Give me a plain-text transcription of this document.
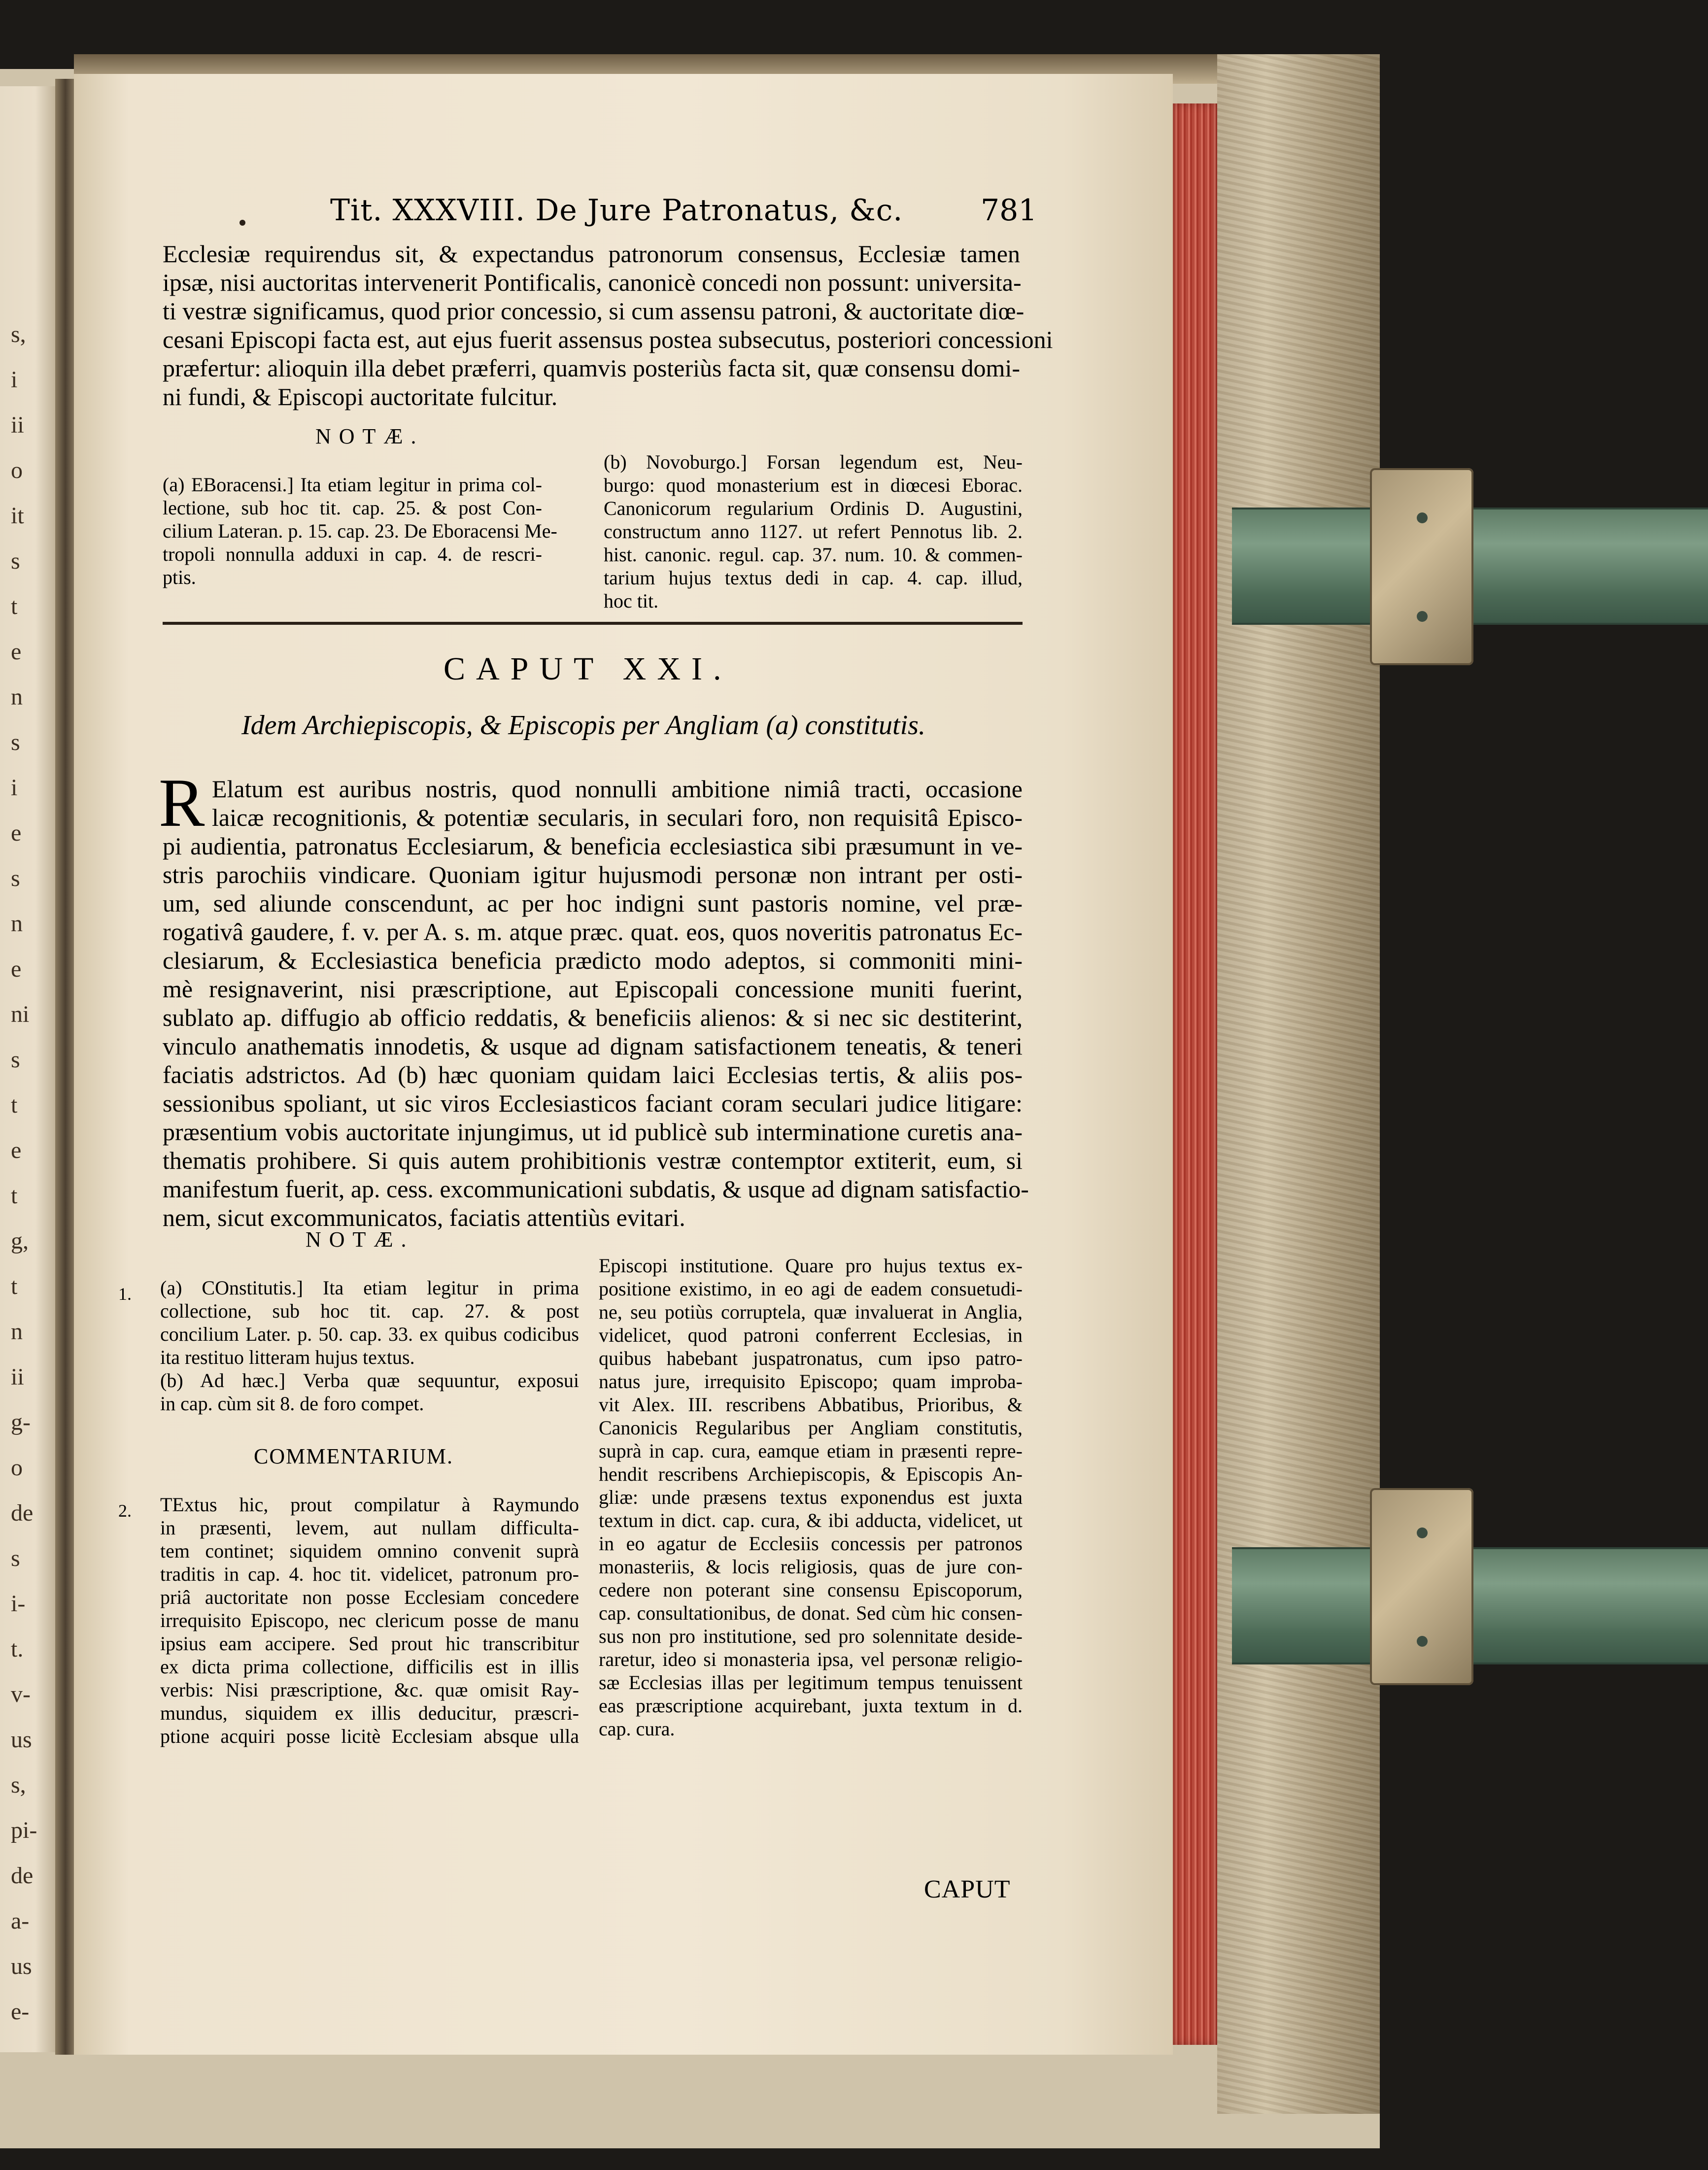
s,
i
ii
o
it
s
t
e
n
s
i
e
s
n
e
ni
s
t
e
t
g,
t
n
ii
g-
o
de
s
i-
t.
v-
us
s,
pi-
de
a-
us
e-
Tit. XXXVIII. De Jure Patronatus, &c.	781
Ecclesiæ requirendus sit, & expectandus patronorum consensus, Ecclesiæ tamen
ipsæ, nisi auctoritas intervenerit Pontificalis, canonicè concedi non possunt: universita-
ti vestræ significamus, quod prior concessio, si cum assensu patroni, & auctoritate diœ-
cesani Episcopi facta est, aut ejus fuerit assensus postea subsecutus, posteriori concessioni
præfertur: alioquin illa debet præferri, quamvis posteriùs facta sit, quæ consensu domi-
ni fundi, & Episcopi auctoritate fulcitur.
NOTÆ.
(a) EBoracensi.] Ita etiam legitur in prima col-
lectione, sub hoc tit. cap. 25. & post Con-
cilium Lateran. p. 15. cap. 23. De Eboracensi Me-
tropoli nonnulla adduxi in cap. 4. de rescri-
ptis.
(b) Novoburgo.] Forsan legendum est, Neu-
burgo: quod monasterium est in diœcesi Eborac.
Canonicorum regularium Ordinis D. Augustini,
constructum anno 1127. ut refert Pennotus lib. 2.
hist. canonic. regul. cap. 37. num. 10. & commen-
tarium hujus textus dedi in cap. 4. cap. illud,
hoc tit.
CAPUT XXI.
Idem Archiepiscopis, & Episcopis per Angliam (a) constitutis.
R Elatum est auribus nostris, quod nonnulli ambitione nimiâ tracti, occasione
laicæ recognitionis, & potentiæ secularis, in seculari foro, non requisitâ Episco-
pi audientia, patronatus Ecclesiarum, & beneficia ecclesiastica sibi præsumunt in ve-
stris parochiis vindicare. Quoniam igitur hujusmodi personæ non intrant per osti-
um, sed aliunde conscendunt, ac per hoc indigni sunt pastoris nomine, vel præ-
rogativâ gaudere, f. v. per A. s. m. atque præc. quat. eos, quos noveritis patronatus Ec-
clesiarum, & Ecclesiastica beneficia prædicto modo adeptos, si commoniti mini-
mè resignaverint, nisi præscriptione, aut Episcopali concessione muniti fuerint,
sublato ap. diffugio ab officio reddatis, & beneficiis alienos: & si nec sic destiterint,
vinculo anathematis innodetis, & usque ad dignam satisfactionem teneatis, & teneri
faciatis adstrictos. Ad (b) hæc quoniam quidam laici Ecclesias tertis, & aliis pos-
sessionibus spoliant, ut sic viros Ecclesiasticos faciant coram seculari judice litigare:
præsentium vobis auctoritate injungimus, ut id publicè sub interminatione curetis ana-
thematis prohibere. Si quis autem prohibitionis vestræ contemptor extiterit, eum, si
manifestum fuerit, ap. cess. excommunicationi subdatis, & usque ad dignam satisfactio-
nem, sicut excommunicatos, faciatis attentiùs evitari.
NOTÆ.
1. (a) COnstitutis.] Ita etiam legitur in prima
collectione, sub hoc tit. cap. 27. & post
concilium Later. p. 50. cap. 33. ex quibus codicibus
ita restituo litteram hujus textus.
(b) Ad hæc.] Verba quæ sequuntur, exposui
in cap. cùm sit 8. de foro compet.
COMMENTARIUM.
2. TExtus hic, prout compilatur à Raymundo
in præsenti, levem, aut nullam difficulta-
tem continet; siquidem omnino convenit suprà
traditis in cap. 4. hoc tit. videlicet, patronum pro-
priâ auctoritate non posse Ecclesiam concedere
irrequisito Episcopo, nec clericum posse de manu
ipsius eam accipere. Sed prout hic transcribitur
ex dicta prima collectione, difficilis est in illis
verbis: Nisi præscriptione, &c. quæ omisit Ray-
mundus, siquidem ex illis deducitur, præscri-
ptione acquiri posse licitè Ecclesiam absque ulla
Episcopi institutione. Quare pro hujus textus ex-
positione existimo, in eo agi de eadem consuetudi-
ne, seu potiùs corruptela, quæ invaluerat in Anglia,
videlicet, quod patroni conferrent Ecclesias, in
quibus habebant juspatronatus, cum ipso patro-
natus jure, irrequisito Episcopo; quam improba-
vit Alex. III. rescribens Abbatibus, Prioribus, &
Canonicis Regularibus per Angliam constitutis,
suprà in cap. cura, eamque etiam in præsenti repre-
hendit rescribens Archiepiscopis, & Episcopis An-
gliæ: unde præsens textus exponendus est juxta
textum in dict. cap. cura, & ibi adducta, videlicet, ut
in eo agatur de Ecclesiis concessis per patronos
monasteriis, & locis religiosis, quas de jure con-
cedere non poterant sine consensu Episcoporum,
cap. consultationibus, de donat. Sed cùm hic consen-
sus non pro institutione, sed pro solennitate deside-
raretur, ideo si monasteria ipsa, vel personæ religio-
sæ Ecclesias illas per legitimum tempus tenuissent
eas præscriptione acquirebant, juxta textum in d.
cap. cura.
CAPUT
